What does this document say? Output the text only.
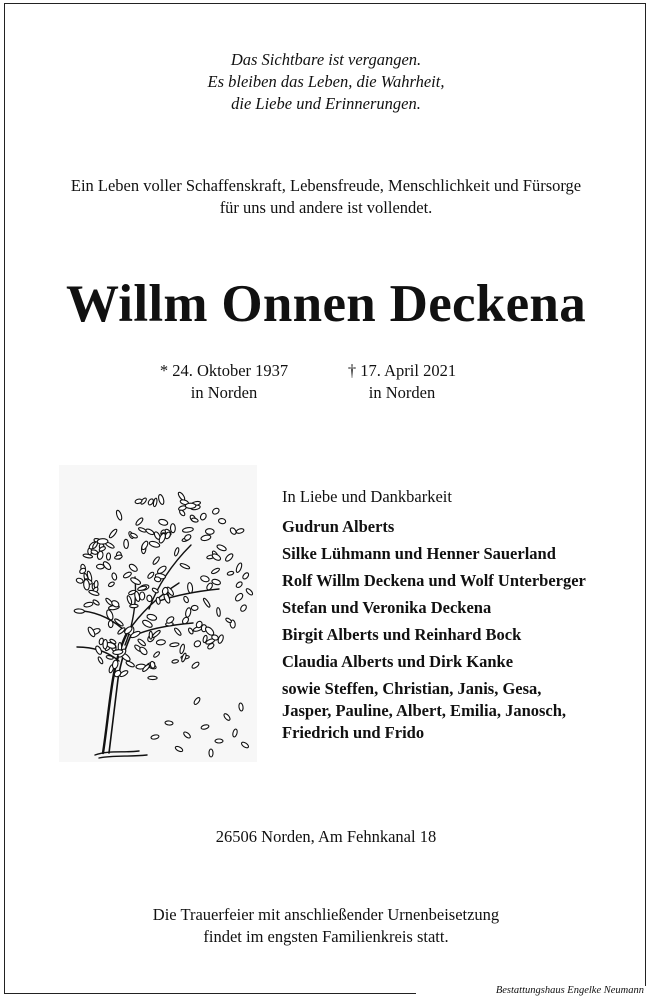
Das Sichtbare ist vergangen.
Es bleiben das Leben, die Wahrheit,
die Liebe und Erinnerungen.
Ein Leben voller Schaffenskraft, Lebensfreude, Menschlichkeit und Fürsorge
für uns und andere ist vollendet.
Willm Onnen Deckena
* 24. Oktober 1937
in Norden
† 17. April 2021
in Norden
In Liebe und Dankbarkeit
Gudrun Alberts
Silke Lühmann und Henner Sauerland
Rolf Willm Deckena und Wolf Unterberger
Stefan und Veronika Deckena
Birgit Alberts und Reinhard Bock
Claudia Alberts und Dirk Kanke
sowie Steffen, Christian, Janis, Gesa,
Jasper, Pauline, Albert, Emilia, Janosch,
Friedrich und Frido
26506 Norden, Am Fehnkanal 18
Die Trauerfeier mit anschließender Urnenbeisetzung
findet im engsten Familienkreis statt.
Bestattungshaus Engelke Neumann
